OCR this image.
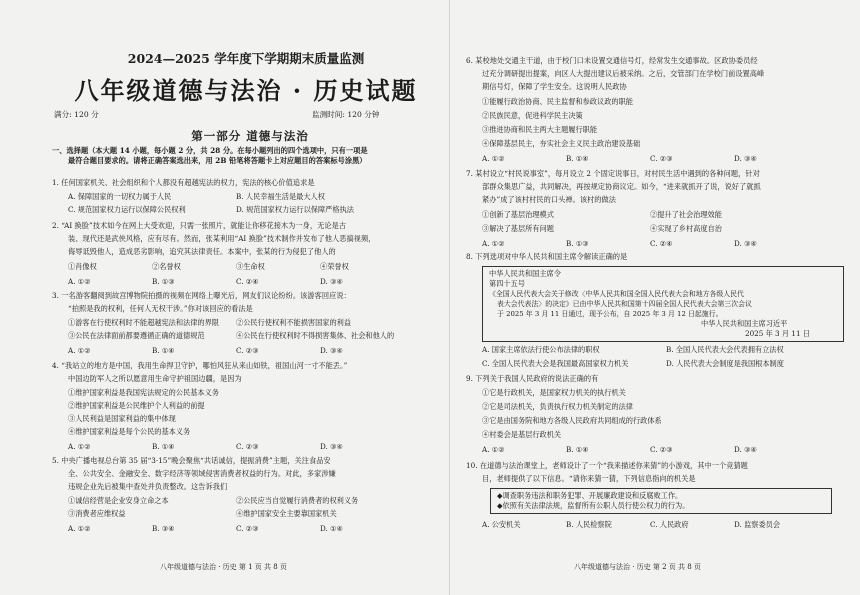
2024—2025 学年度下学期期末质量监测
八年级道德与法治 · 历史试题
满分: 120 分	监测时间: 120 分钟
第一部分 道德与法治
一、选择题（本大题 14 小题，每小题 2 分，共 28 分。在每小题列出的四个选项中，只有一项是
最符合题目要求的。请将正确答案选出来，用 2B 铅笔将答题卡上对应题目的答案标号涂黑）
1. 任何国家机关、社会组织和个人都没有超越宪法的权力，宪法的核心价值追求是
A. 保障国家的一切权力属于人民	B. 人民幸福生活是最大人权
C. 规范国家权力运行以保障公民权利	D. 规范国家权力运行以保障严格执法
2. “AI 换脸”技术如今在网上大受欢迎，只需一张照片，就能让你移花接木为一身，无论是古
装、现代还是武侠风格，应有尽有。然而，张某利用“AI 换脸”技术制作并发布了他人恶搞视频，
侮辱诋毁他人，造成恶劣影响，追究其法律责任。本案中，张某的行为侵犯了他人的
①肖像权	②名誉权	③生命权	④荣誉权
A. ①②	B. ①③	C. ②④	D. ③④
3. 一名游客翻阅到故宫博物院拍摄的视频在网络上曝光后，网友们议论纷纷。该游客回应说：
“拍照是我的权利，任何人无权干涉。”你对该回应的看法是
①游客在行使权利时不能超越宪法和法律的界限 ②公民行使权利不能损害国家的利益
③公民在法律面前都要遵循正确的道德规范	④公民在行使权利时不得损害集体、社会和他人的
A. ①②	B. ①④	C. ②③	D. ③④
4. “我站立的地方是中国，我用生命捍卫守护，哪怕风狂从来山如铁，祖国山河一寸不能丢。”
中国边防军人之所以愿意用生命守护祖国边疆，是因为
①维护国家利益是我国宪法规定的公民基本义务
②维护国家利益是公民维护个人利益的前提
③人民利益是国家利益的集中体现
④维护国家利益是每个公民的基本义务
A. ①②	B. ①④	C. ②③	D. ③④
5. 中央广播电视总台第 35 届“3·15”晚会聚焦“共话诚信，提振消费”主题，关注食品安
全、公共安全、金融安全、数字经济等领域侵害消费者权益的行为。对此，多家涉嫌
违规企业先后被集中查处并负责整改。这告诉我们
①诚信经营是企业安身立命之本	②公民应当自觉履行消费者的权利义务
③消费者应维权益	④维护国家安全主要靠国家机关
A. ①②	B. ③④	C. ②③	D. ①④
八年级道德与法治 · 历史 第 1 页 共 8 页
6. 某校地处交通主干道，由于校门口未设置交通信号灯，经常发生交通事故。区政协委员经
过充分调研提出提案，向区人大提出建议后被采纳。之后，交管部门在学校门前设置高峰
期信号灯，保障了学生安全。这说明人民政协
①能履行政治协商、民主监督和参政议政的职能
②民族民意，促进科学民主决策
③推进协商和民主两大主题履行职能
④保障基层民主，夯实社会主义民主政治建设基础
A. ①②	B. ①④	C. ②③	D. ③④
7. 某村设立“村民说事室”，每月设立 2 个固定说事日，对村民生活中遇到的各种问题，针对
部群众集思广益，共同解决，再按规定协商议定。如今，“进来就抓开了说，说好了就抓
紧办”成了该村村民的口头禅。该村的做法
①创新了基层治理模式	②提升了社会治理效能
③解决了基层所有问题	④实现了乡村高度自治
A. ①②	B. ①③	C. ②④	D. ③④
8. 下列选项对中华人民共和国主席令解读正确的是
中华人民共和国主席令
第四十五号
《全国人民代表大会关于修改〈中华人民共和国全国人民代表大会和地方各级人民代
表大会代表法〉的决定》已由中华人民共和国第十四届全国人民代表大会第三次会议
于 2025 年 3 月 11 日通过，现予公布，自 2025 年 3 月 12 日起施行。
中华人民共和国主席习近平
2025 年 3 月 11 日
A. 国家主席依法行使公布法律的职权	B. 全国人民代表大会代表拥有立法权
C. 全国人民代表大会是我国最高国家权力机关	D. 人民代表大会制度是我国根本制度
9. 下列关于我国人民政府的说法正确的有
①它是行政机关，是国家权力机关的执行机关
②它是司法机关，负责执行权力机关制定的法律
③它是由国务院和地方各级人民政府共同组成的行政体系
④村委会是基层行政机关
A. ①②	B. ①④	C. ②③	D. ③④
10. 在道德与法治课堂上，老师设计了一个“我来描述你来猜”的小游戏，其中一个竞猜题
目，老师提供了以下信息。“请你来猜一猜，下列信息指向的机关是
◆调查职务违法和职务犯罪、开展廉政建设和反腐败工作。
◆依照有关法律法规，监督所有公职人员行使公权力的行为。
A. 公安机关	B. 人民检察院	C. 人民政府	D. 监察委员会
八年级道德与法治 · 历史 第 2 页 共 8 页
